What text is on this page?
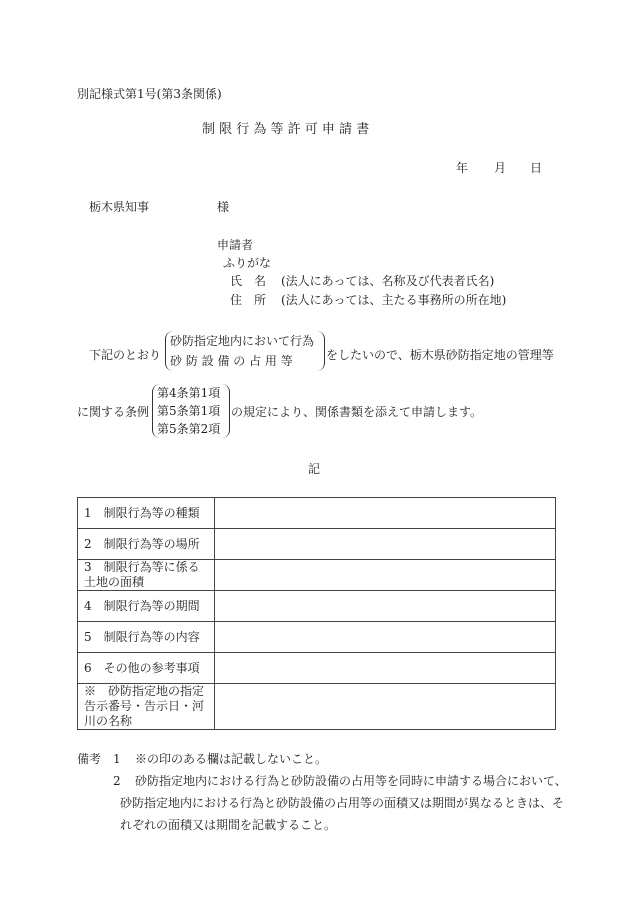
別記様式第1号(第3条関係)
制 限 行 為 等 許 可 申 請 書
年 月 日
栃木県知事	様
申請者
ふりがな
氏　名 (法人にあっては、名称及び代表者氏名)
住　所 (法人にあっては、主たる事務所の所在地)
下記のとおり
砂防指定地内において行為
砂 防 設 備 の 占 用 等	をしたいので、栃木県砂防指定地の管理等
に関する条例
第4条第1項
第5条第1項
第5条第2項
の規定により、関係書類を添えて申請します。
記
1　制限行為等の種類	
2　制限行為等の場所	
3　制限行為等に係る土地の面積	
4　制限行為等の期間	
5　制限行為等の内容	
6　その他の参考事項	
※　砂防指定地の指定告示番号・告示日・河川の名称	
備考 1	※の印のある欄は記載しないこと。
2	砂防指定地内における行為と砂防設備の占用等を同時に申請する場合において、
砂防指定地内における行為と砂防設備の占用等の面積又は期間が異なるときは、そ
れぞれの面積又は期間を記載すること。
